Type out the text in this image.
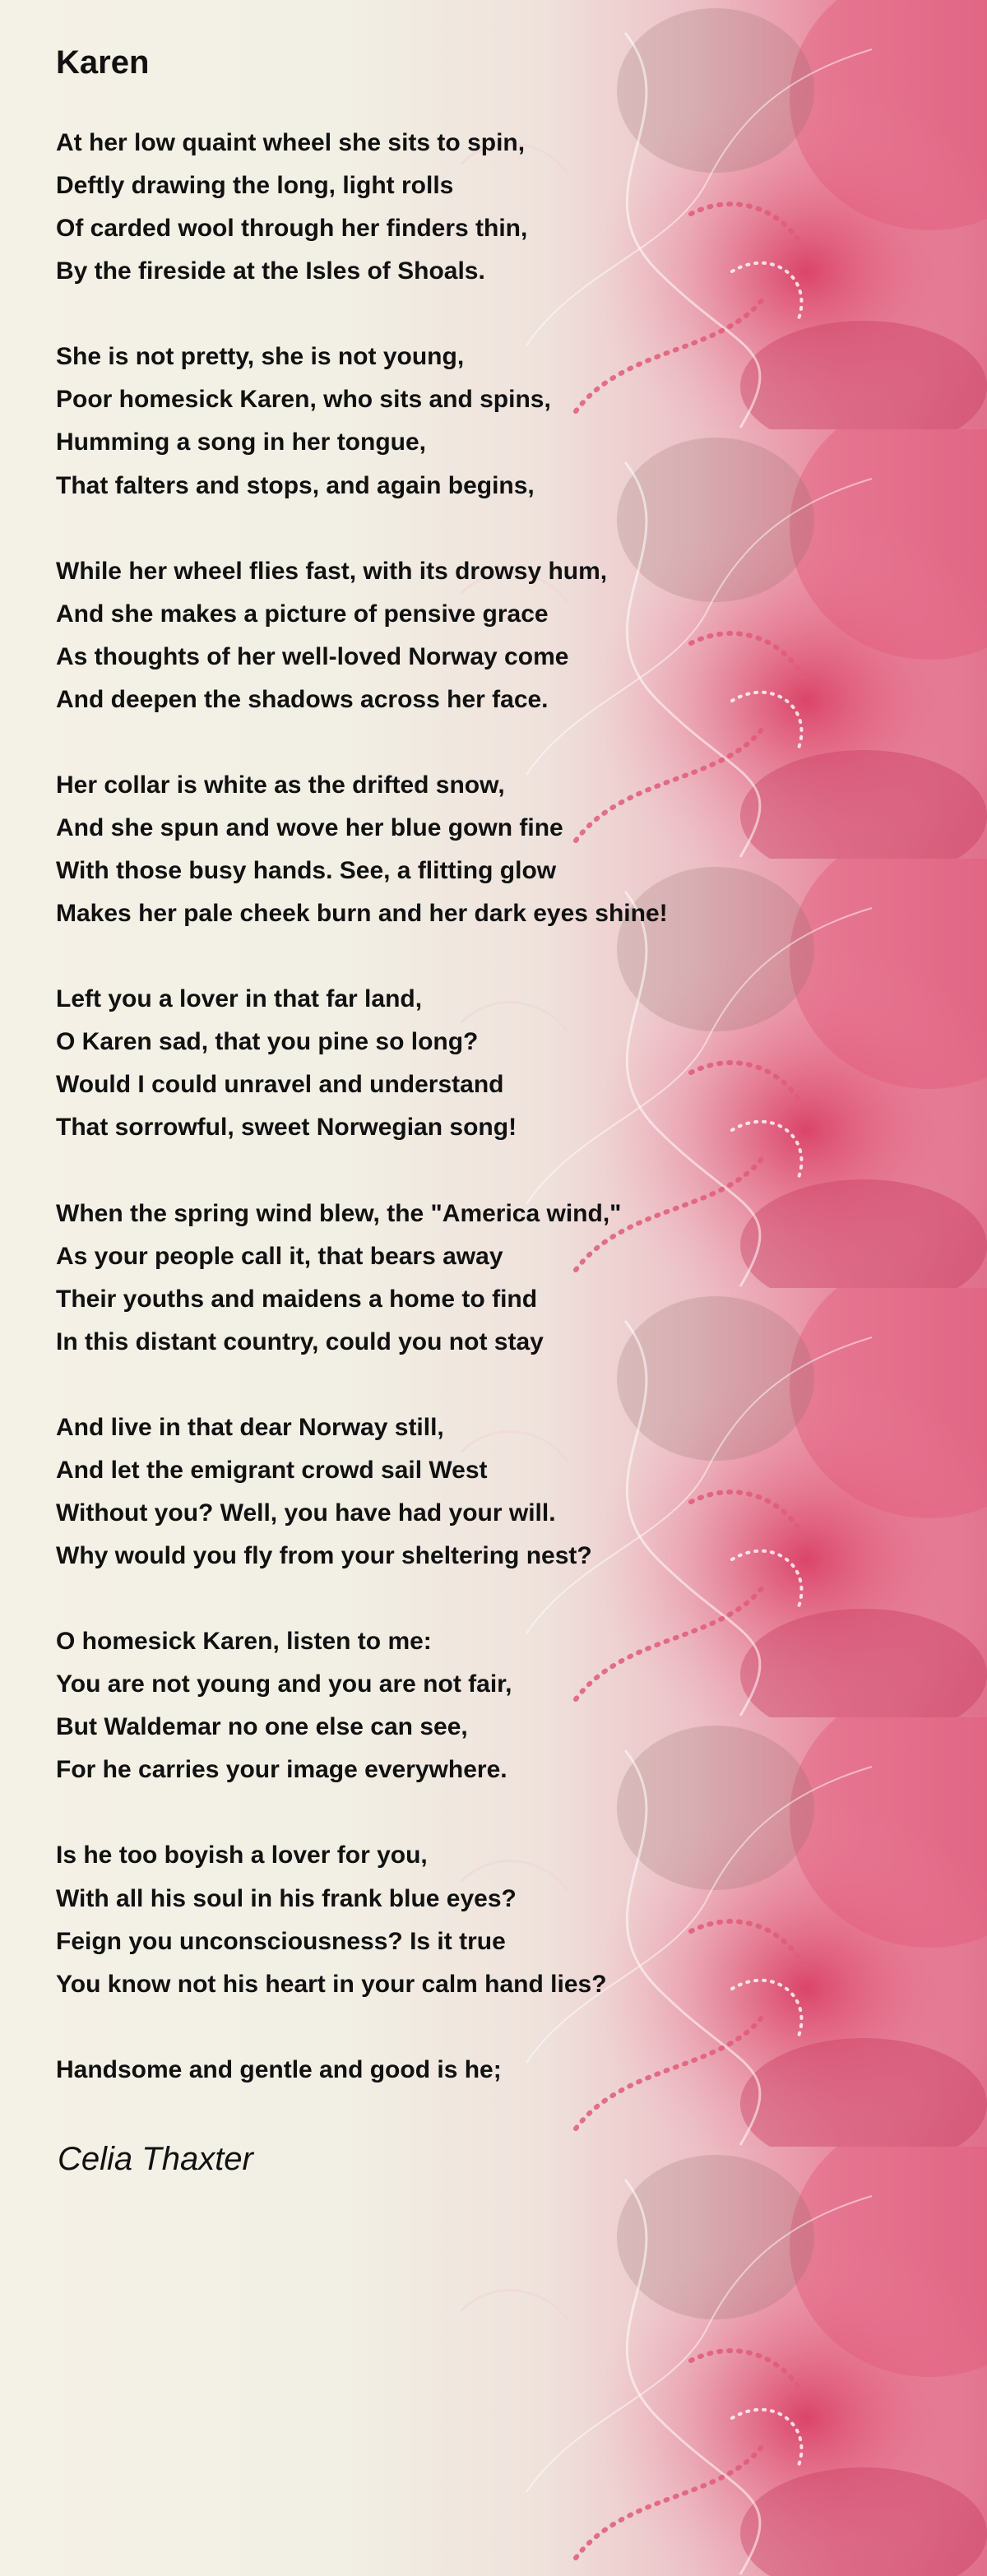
Karen
At her low quaint wheel she sits to spin,
Deftly drawing the long, light rolls
Of carded wool through her finders thin,
By the fireside at the Isles of Shoals.
She is not pretty, she is not young,
Poor homesick Karen, who sits and spins,
Humming a song in her tongue,
That falters and stops, and again begins,
While her wheel flies fast, with its drowsy hum,
And she makes a picture of pensive grace
As thoughts of her well-loved Norway come
And deepen the shadows across her face.
Her collar is white as the drifted snow,
And she spun and wove her blue gown fine
With those busy hands. See, a flitting glow
Makes her pale cheek burn and her dark eyes shine!
Left you a lover in that far land,
O Karen sad, that you pine so long?
Would I could unravel and understand
That sorrowful, sweet Norwegian song!
When the spring wind blew, the "America wind,"
As your people call it, that bears away
Their youths and maidens a home to find
In this distant country, could you not stay
And live in that dear Norway still,
And let the emigrant crowd sail West
Without you? Well, you have had your will.
Why would you fly from your sheltering nest?
O homesick Karen, listen to me:
You are not young and you are not fair,
But Waldemar no one else can see,
For he carries your image everywhere.
Is he too boyish a lover for you,
With all his soul in his frank blue eyes?
Feign you unconsciousness? Is it true
You know not his heart in your calm hand lies?
Handsome and gentle and good is he;
Celia Thaxter
